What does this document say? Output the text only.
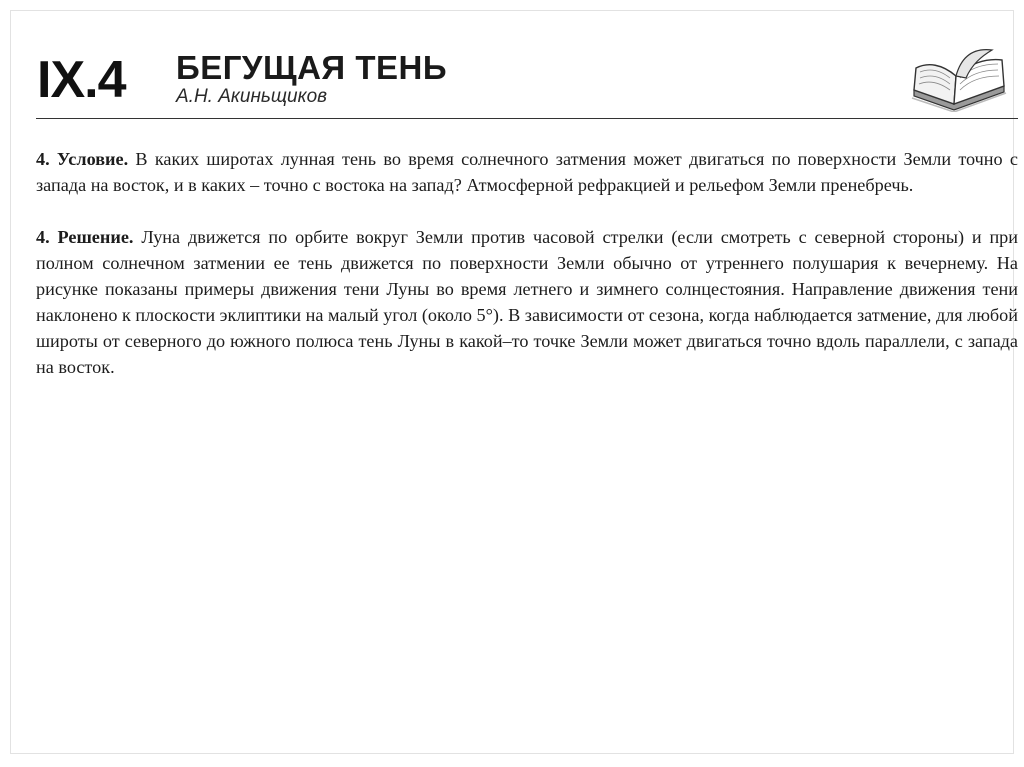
IX.4 БЕГУЩАЯ ТЕНЬ
А.Н. Акиньщиков

4. Условие. В каких широтах лунная тень во время солнечного затмения может двигаться по поверхности Земли точно с запада на восток, и в каких – точно с востока на запад? Атмосферной рефракцией и рельефом Земли пренебречь.

4. Решение. Луна движется по орбите вокруг Земли против часовой стрелки (если смотреть с северной стороны) и при полном солнечном затмении ее тень движется по поверхности Земли обычно от утреннего полушария к вечернему. На рисунке показаны примеры движения тени Луны во время летнего и зимнего солнцестояния. Направление движения тени наклонено к плоскости эклиптики на малый угол (около 5°). В зависимости от сезона, когда наблюдается затмение, для любой широты от северного до южного полюса тень Луны в какой–то точке Земли может двигаться точно вдоль параллели, с запада на восток.
